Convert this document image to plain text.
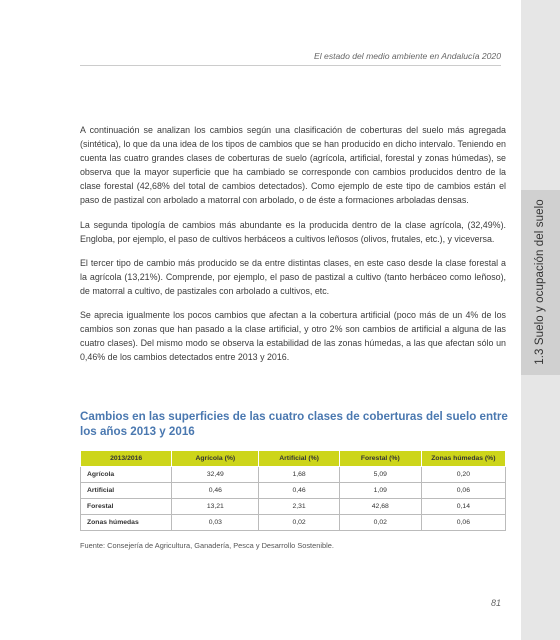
1.3 Suelo y ocupación del suelo
El estado del medio ambiente en Andalucía 2020

A continuación se analizan los cambios según una clasificación de coberturas del suelo más agregada (sintética), lo que da una idea de los tipos de cambios que se han producido en dicho intervalo. Teniendo en cuenta las cuatro grandes clases de coberturas de suelo (agrícola, artificial, forestal y zonas húmedas), se observa que la mayor superficie que ha cambiado se corresponde con cambios producidos dentro de la clase forestal (42,68% del total de cambios detectados). Como ejemplo de este tipo de cambios están el paso de pastizal con arbolado a matorral con arbolado, o de éste a formaciones arboladas densas.

La segunda tipología de cambios más abundante es la producida dentro de la clase agrícola, (32,49%). Engloba, por ejemplo, el paso de cultivos herbáceos a cultivos leñosos (olivos, frutales, etc.), y viceversa.

El tercer tipo de cambio más producido se da entre distintas clases, en este caso desde la clase forestal a la agrícola (13,21%). Comprende, por ejemplo, el paso de pastizal a cultivo (tanto herbáceo como leñoso), de matorral a cultivo, de pastizales con arbolado a cultivos, etc.

Se aprecia igualmente los pocos cambios que afectan a la cobertura artificial (poco más de un 4% de los cambios son zonas que han pasado a la clase artificial, y otro 2% son cambios de artificial a alguna de las cuatro clases). Del mismo modo se observa la estabilidad de las zonas húmedas, a las que afectan sólo un 0,46% de los cambios detectados entre 2013 y 2016.

Cambios en las superficies de las cuatro clases de coberturas del suelo entre los años 2013 y 2016
2013/2016	Agrícola (%)	Artificial (%)	Forestal (%)	Zonas húmedas (%)
Agrícola	32,49	1,68	5,09	0,20
Artificial	0,46	0,46	1,09	0,06
Forestal	13,21	2,31	42,68	0,14
Zonas húmedas	0,03	0,02	0,02	0,06
Fuente: Consejería de Agricultura, Ganadería, Pesca y Desarrollo Sostenible.
81
